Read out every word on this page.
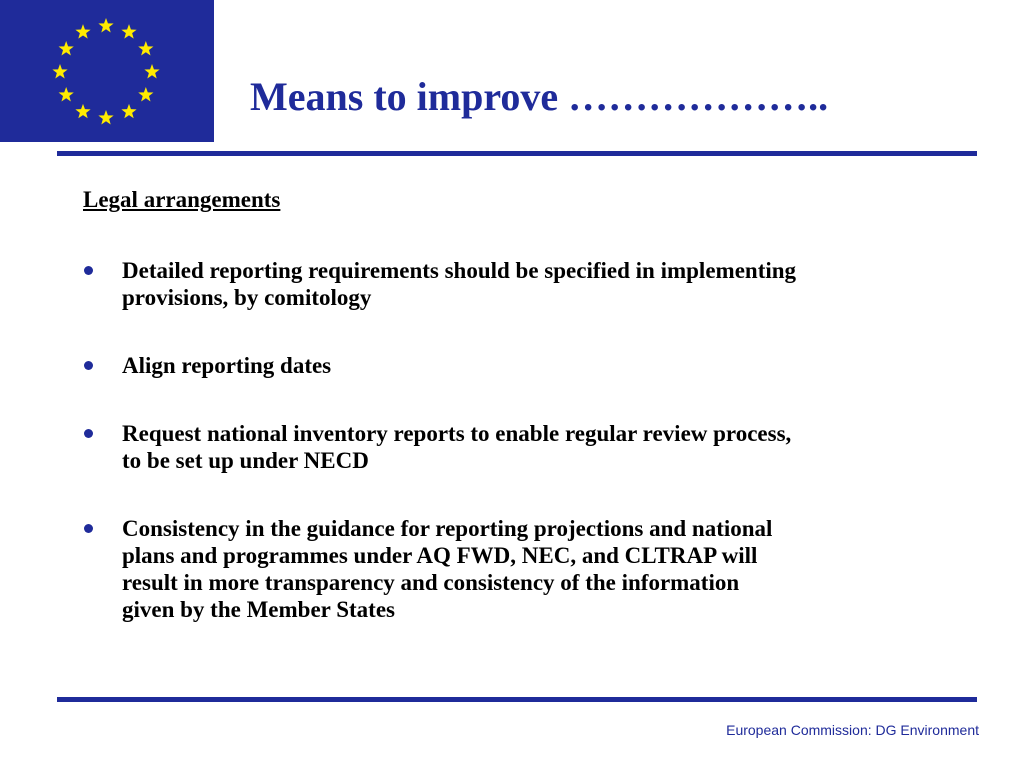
Means to improve ………………..
Legal arrangements
Detailed reporting requirements should be specified in implementing
provisions, by comitology
Align reporting dates
Request national inventory reports to enable regular review process,
to be set up under NECD
Consistency in the guidance for reporting projections and national
plans and programmes under AQ FWD, NEC, and CLTRAP will
result in more transparency and consistency of the information
given by the Member States
European Commission: DG Environment
